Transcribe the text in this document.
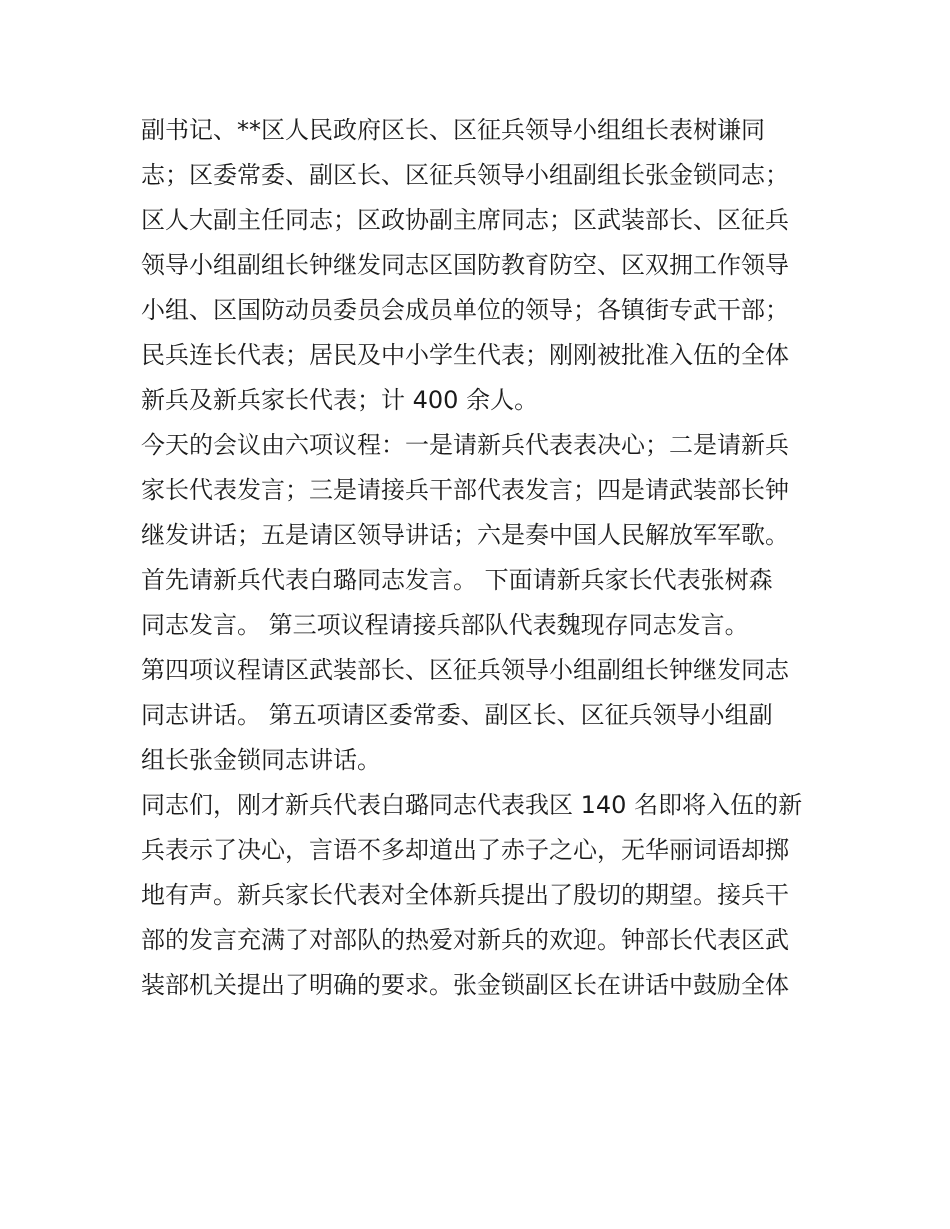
副书记、**区人民政府区长、区征兵领导小组组长表树谦同
志；区委常委、副区长、区征兵领导小组副组长张金锁同志；
区人大副主任同志；区政协副主席同志；区武装部长、区征兵
领导小组副组长钟继发同志区国防教育防空、区双拥工作领导
小组、区国防动员委员会成员单位的领导；各镇街专武干部；
民兵连长代表；居民及中小学生代表；刚刚被批准入伍的全体
新兵及新兵家长代表；计 400 余人。
今天的会议由六项议程：一是请新兵代表表决心；二是请新兵
家长代表发言；三是请接兵干部代表发言；四是请武装部长钟
继发讲话；五是请区领导讲话；六是奏中国人民解放军军歌。
首先请新兵代表白璐同志发言。 下面请新兵家长代表张树森
同志发言。 第三项议程请接兵部队代表魏现存同志发言。
第四项议程请区武装部长、区征兵领导小组副组长钟继发同志
同志讲话。 第五项请区委常委、副区长、区征兵领导小组副
组长张金锁同志讲话。
同志们，刚才新兵代表白璐同志代表我区 140 名即将入伍的新
兵表示了决心，言语不多却道出了赤子之心，无华丽词语却掷
地有声。新兵家长代表对全体新兵提出了殷切的期望。接兵干
部的发言充满了对部队的热爱对新兵的欢迎。钟部长代表区武
装部机关提出了明确的要求。张金锁副区长在讲话中鼓励全体
